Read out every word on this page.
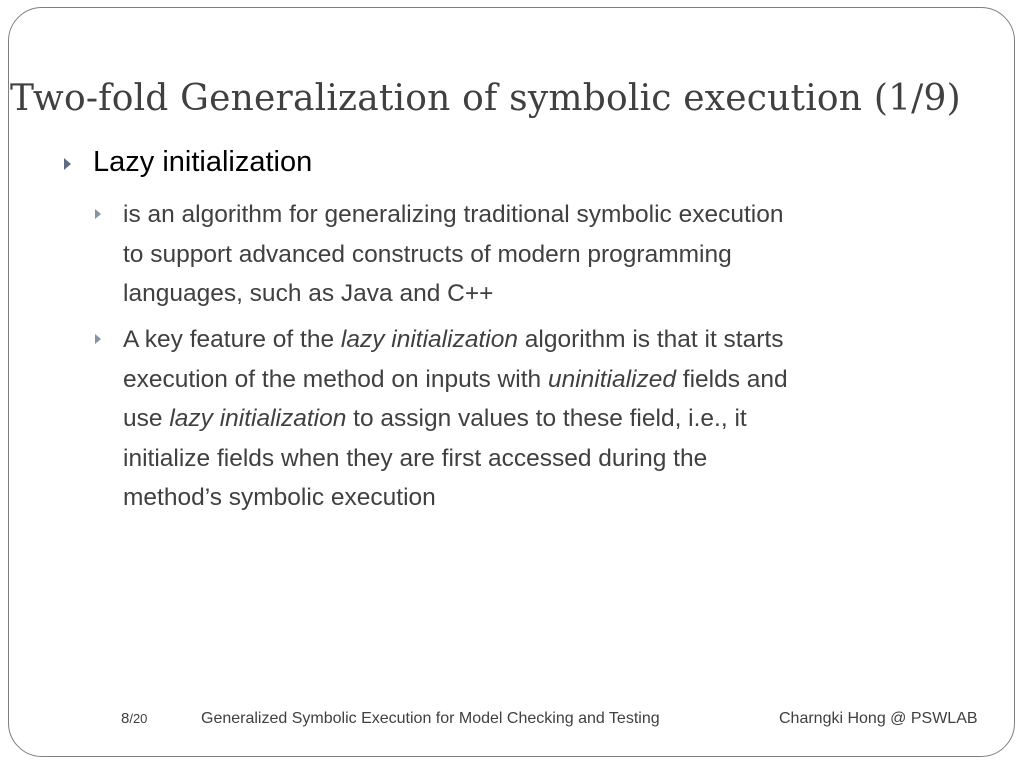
Two-fold Generalization of symbolic execution (1/9)
Lazy initialization
is an algorithm for generalizing traditional symbolic execution
to support advanced constructs of modern programming
languages, such as Java and C++
A key feature of the lazy initialization algorithm is that it starts
execution of the method on inputs with uninitialized fields and
use lazy initialization to assign values to these field, i.e., it
initialize fields when they are first accessed during the
method’s symbolic execution
8/20	Generalized Symbolic Execution for Model Checking and Testing	Charngki Hong @ PSWLAB
